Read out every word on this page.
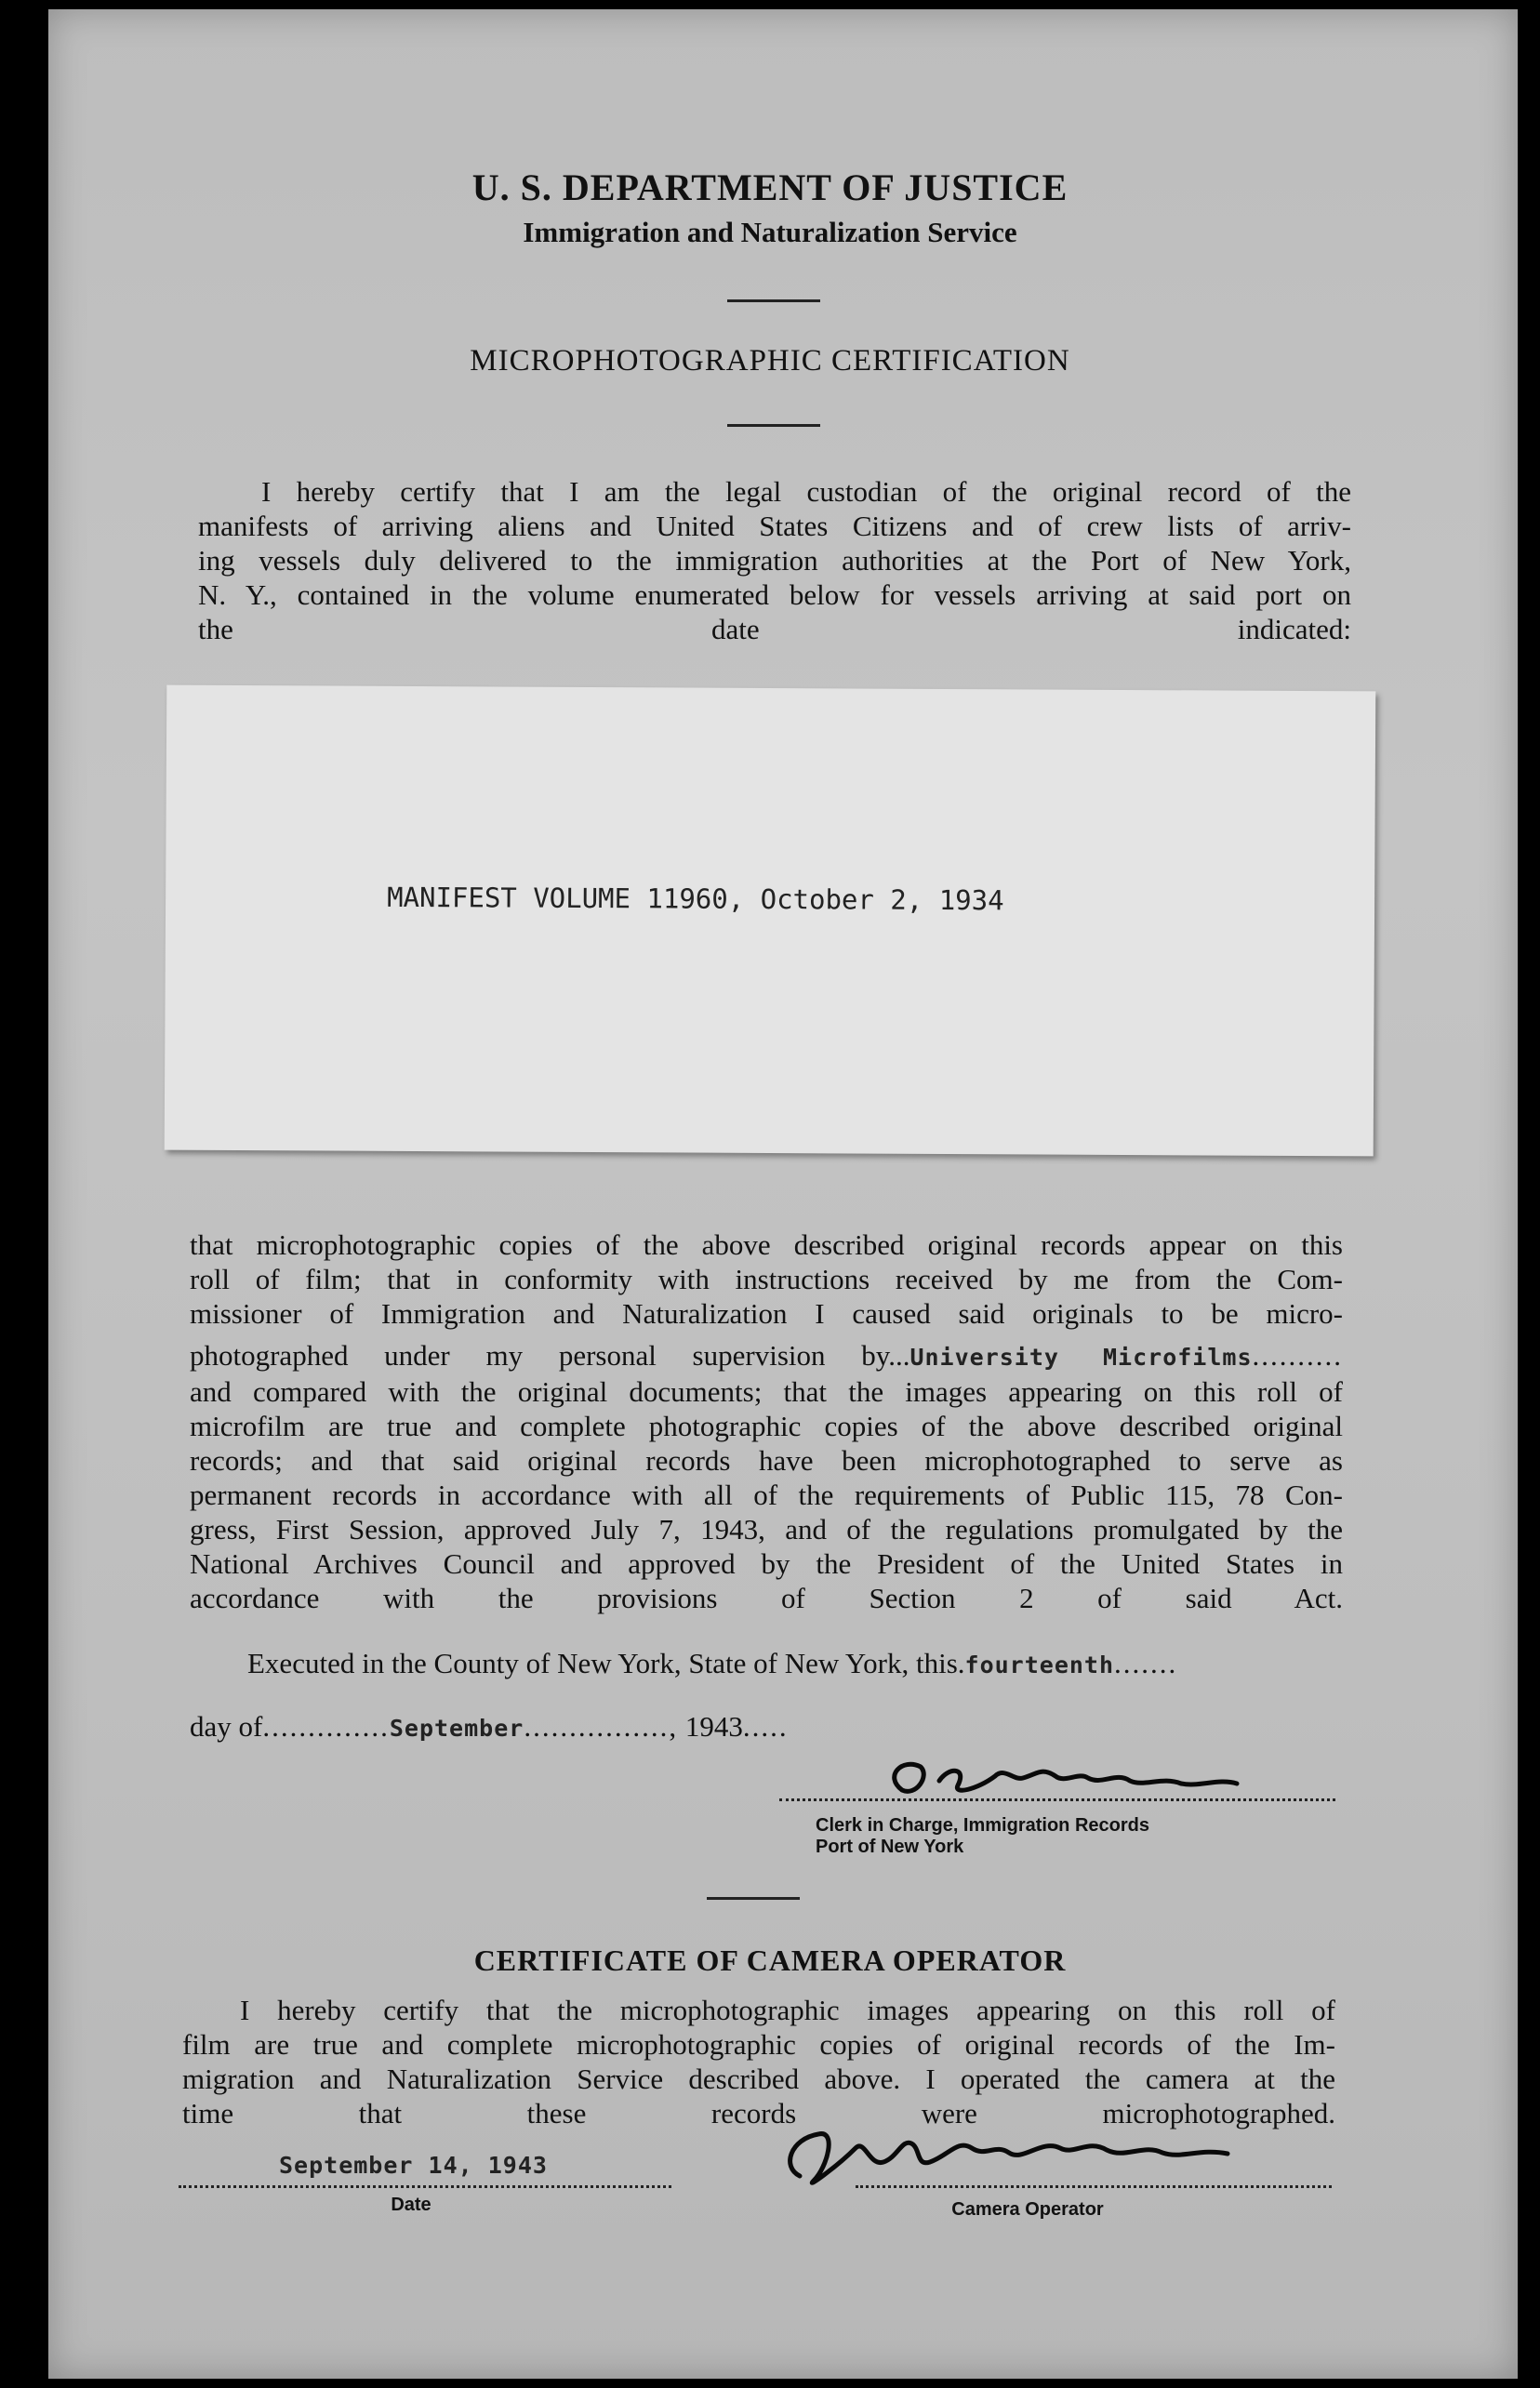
U. S. DEPARTMENT OF JUSTICE
Immigration and Naturalization Service
MICROPHOTOGRAPHIC CERTIFICATION
I hereby certify that I am the legal custodian of the original record of the
manifests of arriving aliens and United States Citizens and of crew lists of arriv-
ing vessels duly delivered to the immigration authorities at the Port of New York,
N. Y., contained in the volume enumerated below for vessels arriving at said port on
the date indicated:
MANIFEST VOLUME 11960, October 2, 1934
that microphotographic copies of the above described original records appear on this
roll of film; that in conformity with instructions received by me from the Com-
missioner of Immigration and Naturalization I caused said originals to be micro-
photographed under my personal supervision by...University Microfilms..........
and compared with the original documents; that the images appearing on this roll of
microfilm are true and complete photographic copies of the above described original
records; and that said original records have been microphotographed to serve as
permanent records in accordance with all of the requirements of Public 115, 78 Con-
gress, First Session, approved July 7, 1943, and of the regulations promulgated by the
National Archives Council and approved by the President of the United States in
accordance with the provisions of Section 2 of said Act.
Executed in the County of New York, State of New York, this.fourteenth.......
day of..............September................, 1943.....
Clerk in Charge, Immigration Records
Port of New York
CERTIFICATE OF CAMERA OPERATOR
I hereby certify that the microphotographic images appearing on this roll of
film are true and complete microphotographic copies of original records of the Im-
migration and Naturalization Service described above. I operated the camera at the
time that these records were microphotographed.
September 14, 1943
Date	Camera Operator
